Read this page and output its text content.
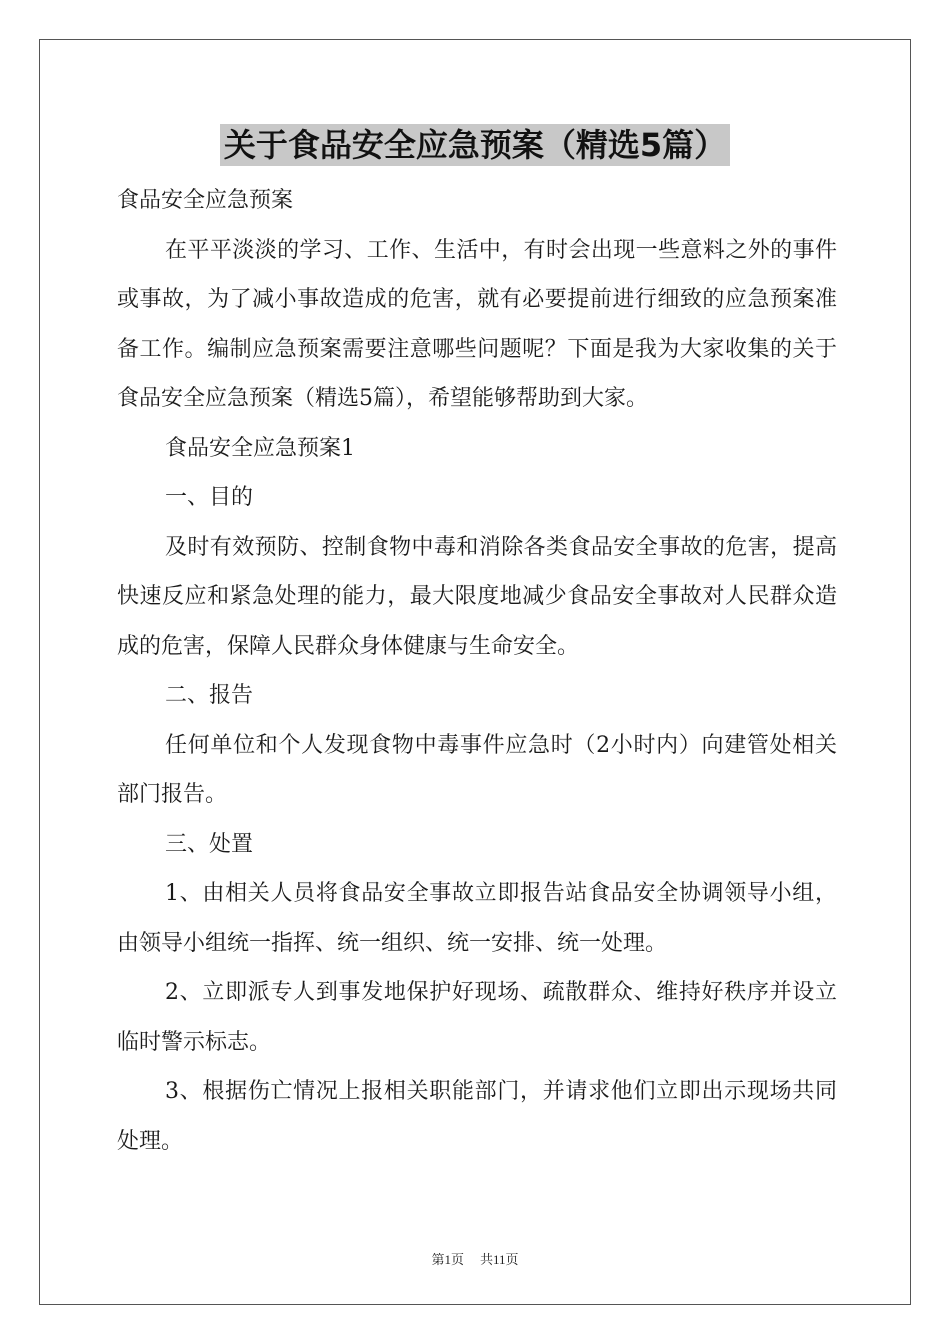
关于食品安全应急预案（精选5篇）

食品安全应急预案

在平平淡淡的学习、工作、生活中，有时会出现一些意料之外的事件或事故，为了减小事故造成的危害，就有必要提前进行细致的应急预案准备工作。编制应急预案需要注意哪些问题呢？下面是我为大家收集的关于食品安全应急预案（精选5篇），希望能够帮助到大家。

食品安全应急预案1

一、目的

及时有效预防、控制食物中毒和消除各类食品安全事故的危害，提高快速反应和紧急处理的能力，最大限度地减少食品安全事故对人民群众造成的危害，保障人民群众身体健康与生命安全。

二、报告

任何单位和个人发现食物中毒事件应急时（2小时内）向建管处相关部门报告。

三、处置

1、由相关人员将食品安全事故立即报告站食品安全协调领导小组，由领导小组统一指挥、统一组织、统一安排、统一处理。

2、立即派专人到事发地保护好现场、疏散群众、维持好秩序并设立临时警示标志。

3、根据伤亡情况上报相关职能部门，并请求他们立即出示现场共同处理。

第1页 共11页
